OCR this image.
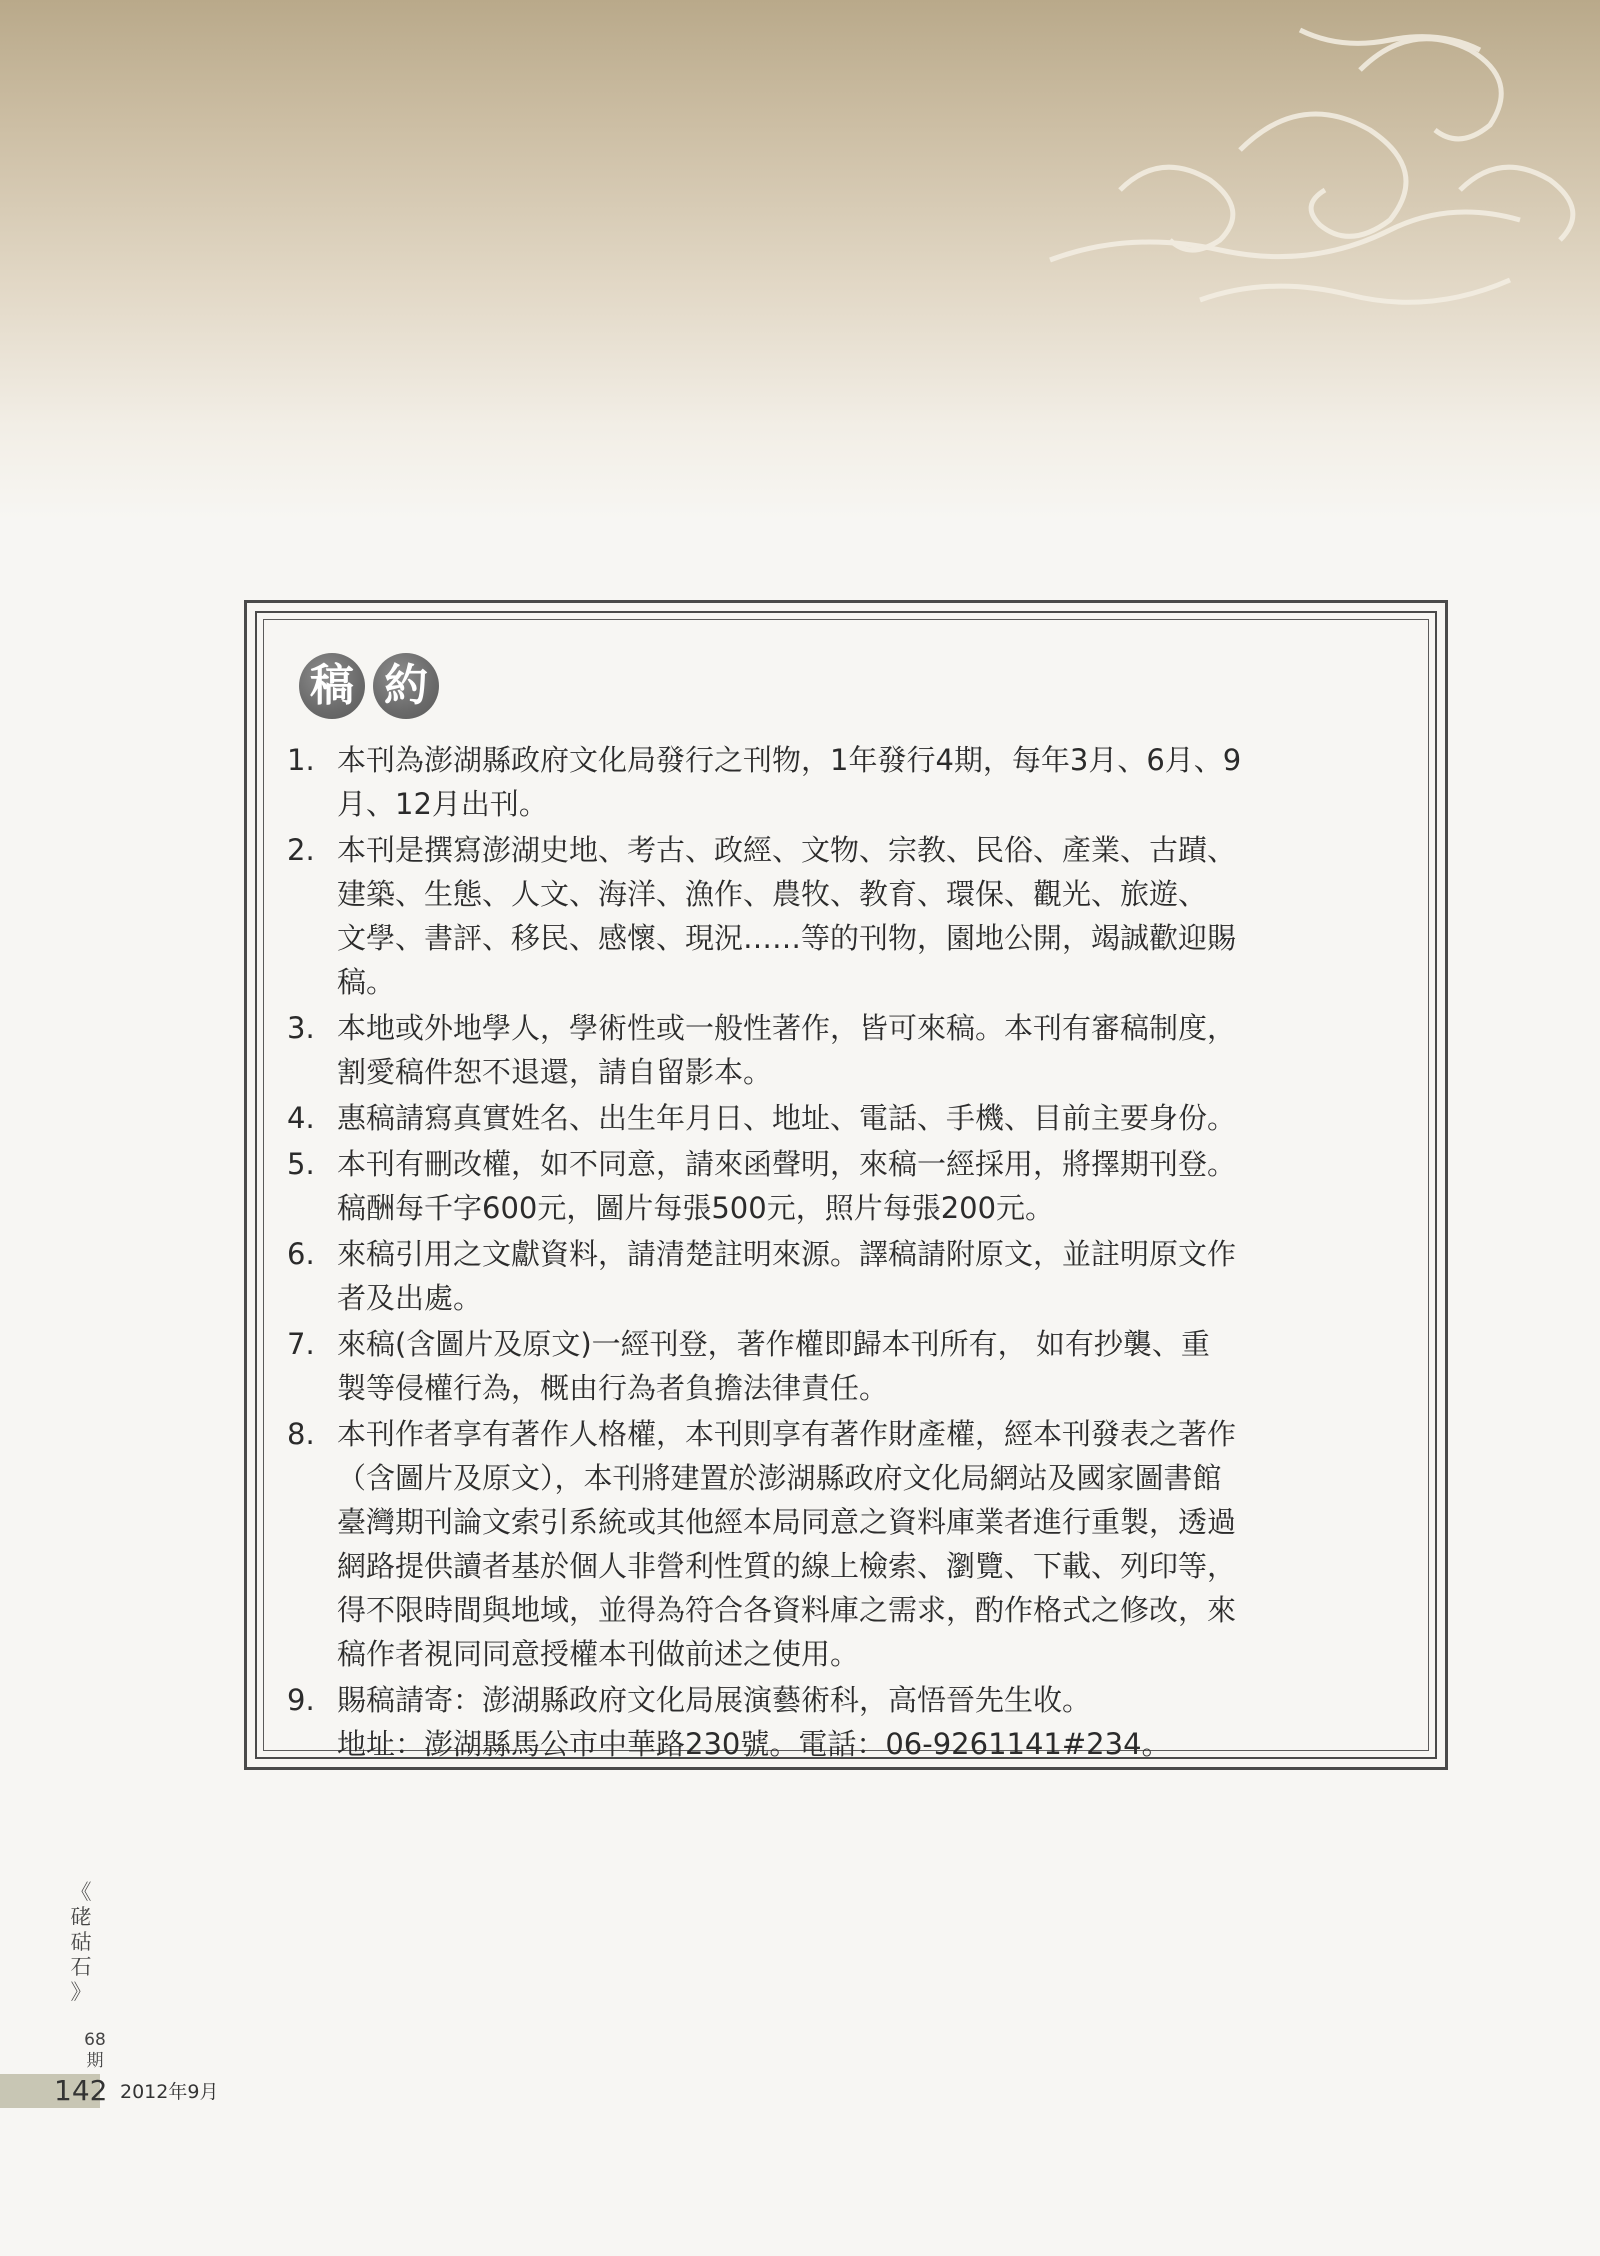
稿 約
1. 本刊為澎湖縣政府文化局發行之刊物，1年發行4期，每年3月、6月、9
月、12月出刊。
2. 本刊是撰寫澎湖史地、考古、政經、文物、宗教、民俗、產業、古蹟、
建築、生態、人文、海洋、漁作、農牧、教育、環保、觀光、旅遊、
文學、書評、移民、感懷、現況……等的刊物，園地公開，竭誠歡迎賜
稿。
3. 本地或外地學人，學術性或一般性著作，皆可來稿。本刊有審稿制度，
割愛稿件恕不退還，請自留影本。
4. 惠稿請寫真實姓名、出生年月日、地址、電話、手機、目前主要身份。
5. 本刊有刪改權，如不同意，請來函聲明，來稿一經採用，將擇期刊登。
稿酬每千字600元，圖片每張500元，照片每張200元。
6. 來稿引用之文獻資料，請清楚註明來源。譯稿請附原文，並註明原文作
者及出處。
7. 來稿(含圖片及原文)一經刊登，著作權即歸本刊所有， 如有抄襲、重
製等侵權行為，概由行為者負擔法律責任。
8. 本刊作者享有著作人格權，本刊則享有著作財產權，經本刊發表之著作
（含圖片及原文），本刊將建置於澎湖縣政府文化局網站及國家圖書館
臺灣期刊論文索引系統或其他經本局同意之資料庫業者進行重製，透過
網路提供讀者基於個人非營利性質的線上檢索、瀏覽、下載、列印等，
得不限時間與地域，並得為符合各資料庫之需求，酌作格式之修改，來
稿作者視同同意授權本刊做前述之使用。
9. 賜稿請寄：澎湖縣政府文化局展演藝術科，高悟晉先生收。
地址：澎湖縣馬公市中華路230號。電話：06-9261141#234。
《
硓
𥑮
石
》
68
期
142 2012年9月
